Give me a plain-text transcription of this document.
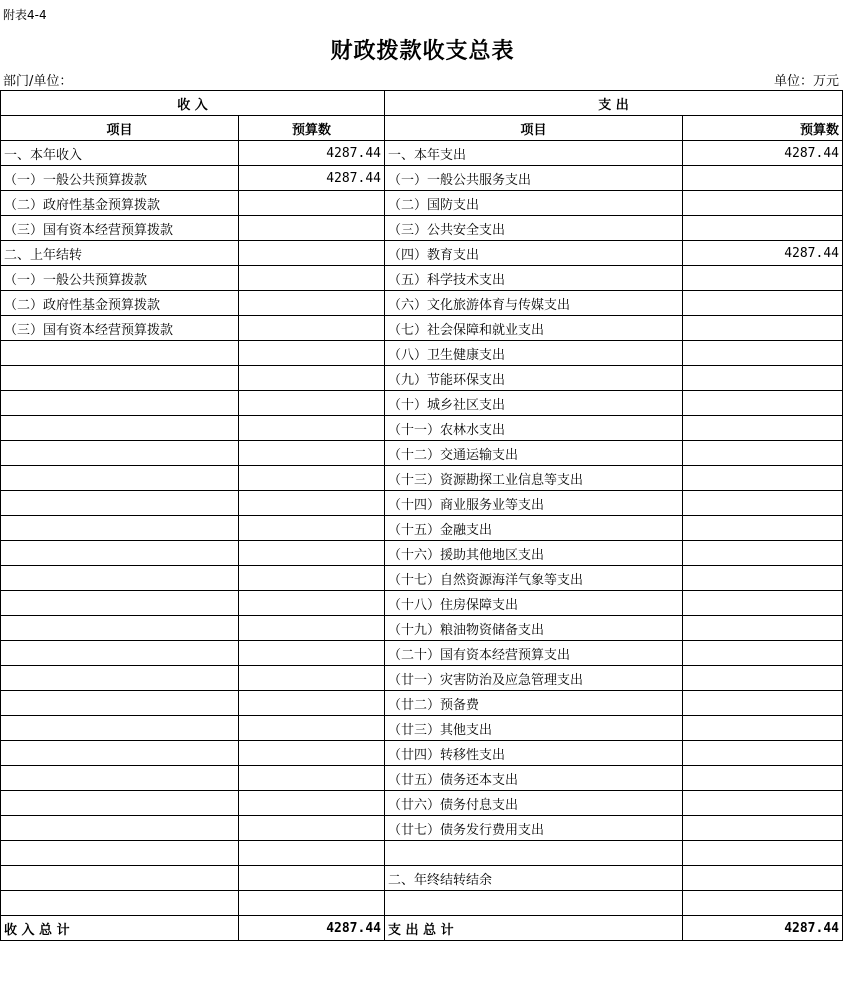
附表4-4
财政拨款收支总表
部门/单位：	单位：万元
收 入		支 出	
项目	预算数	项目	预算数
一、本年收入	4287.44	一、本年支出	4287.44
（一）一般公共预算拨款	4287.44	（一）一般公共服务支出	
（二）政府性基金预算拨款		（二）国防支出	
（三）国有资本经营预算拨款		（三）公共安全支出	
二、上年结转		（四）教育支出	4287.44
（一）一般公共预算拨款		（五）科学技术支出	
（二）政府性基金预算拨款		（六）文化旅游体育与传媒支出	
（三）国有资本经营预算拨款		（七）社会保障和就业支出	
		（八）卫生健康支出	
		（九）节能环保支出	
		（十）城乡社区支出	
		（十一）农林水支出	
		（十二）交通运输支出	
		（十三）资源勘探工业信息等支出	
		（十四）商业服务业等支出	
		（十五）金融支出	
		（十六）援助其他地区支出	
		（十七）自然资源海洋气象等支出	
		（十八）住房保障支出	
		（十九）粮油物资储备支出	
		（二十）国有资本经营预算支出	
		（廿一）灾害防治及应急管理支出	
		（廿二）预备费	
		（廿三）其他支出	
		（廿四）转移性支出	
		（廿五）债务还本支出	
		（廿六）债务付息支出	
		（廿七）债务发行费用支出	

		二、年终结转结余	

收 入 总 计	4287.44	支 出 总 计	4287.44
